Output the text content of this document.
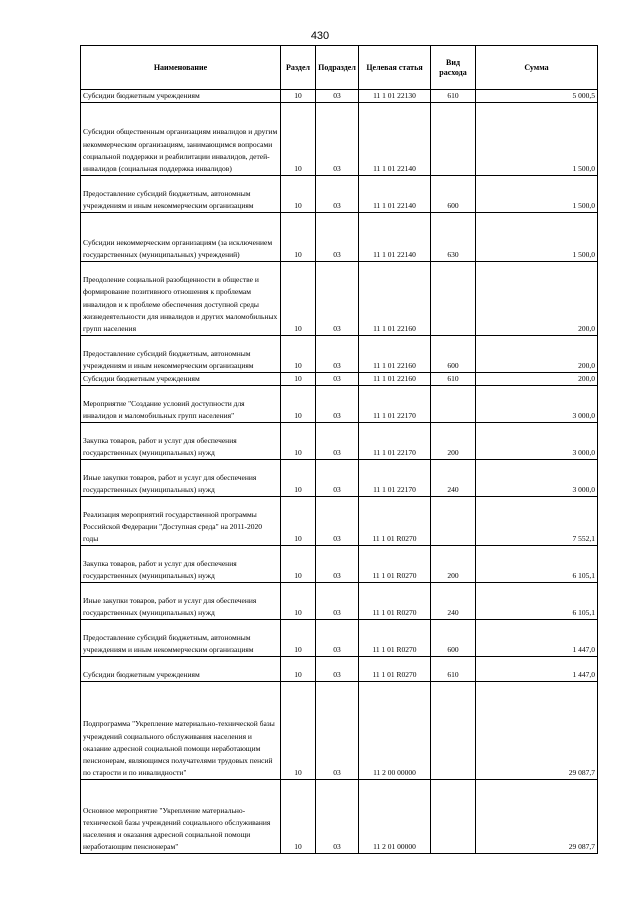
430
Наименование	Раздел	Подраздел	Целевая статья	Вид расхода	Сумма
Субсидии бюджетным учреждениям	10	03	11 1 01 22130	610	5 000,5
Субсидии общественным организациям инвалидов и другим некоммерческим организациям, занимающимся вопросами социальной поддержки и реабилитации инвалидов, детей-инвалидов (социальная поддержка инвалидов)	10	03	11 1 01 22140		1 500,0
Предоставление субсидий бюджетным, автономным учреждениям и иным некоммерческим организациям	10	03	11 1 01 22140	600	1 500,0
Субсидии некоммерческим организациям (за исключением государственных (муниципальных) учреждений)	10	03	11 1 01 22140	630	1 500,0
Преодоление социальной разобщенности в обществе и формирование позитивного отношения к проблемам инвалидов и к проблеме обеспечения доступной среды жизнедеятельности для инвалидов и других маломобильных групп населения	10	03	11 1 01 22160		200,0
Предоставление субсидий бюджетным, автономным учреждениям и иным некоммерческим организациям	10	03	11 1 01 22160	600	200,0
Субсидии бюджетным учреждениям	10	03	11 1 01 22160	610	200,0
Мероприятие "Создание условий доступности для инвалидов и маломобильных групп населения"	10	03	11 1 01 22170		3 000,0
Закупка товаров, работ и услуг для обеспечения государственных (муниципальных) нужд	10	03	11 1 01 22170	200	3 000,0
Иные закупки товаров, работ и услуг для обеспечения государственных (муниципальных) нужд	10	03	11 1 01 22170	240	3 000,0
Реализация мероприятий государственной программы Российской Федерации "Доступная среда" на 2011-2020 годы	10	03	11 1 01 R0270		7 552,1
Закупка товаров, работ и услуг для обеспечения государственных (муниципальных) нужд	10	03	11 1 01 R0270	200	6 105,1
Иные закупки товаров, работ и услуг для обеспечения государственных (муниципальных) нужд	10	03	11 1 01 R0270	240	6 105,1
Предоставление субсидий бюджетным, автономным учреждениям и иным некоммерческим организациям	10	03	11 1 01 R0270	600	1 447,0
Субсидии бюджетным учреждениям	10	03	11 1 01 R0270	610	1 447,0
Подпрограмма "Укрепление материально-технической базы учреждений социального обслуживания населения и оказание адресной социальной помощи неработающим пенсионерам, являющимся получателями трудовых пенсий по старости и по инвалидности"	10	03	11 2 00 00000		29 087,7
Основное мероприятие "Укрепление материально-технической базы учреждений социального обслуживания населения и оказания адресной социальной помощи неработающим пенсионерам"	10	03	11 2 01 00000		29 087,7
